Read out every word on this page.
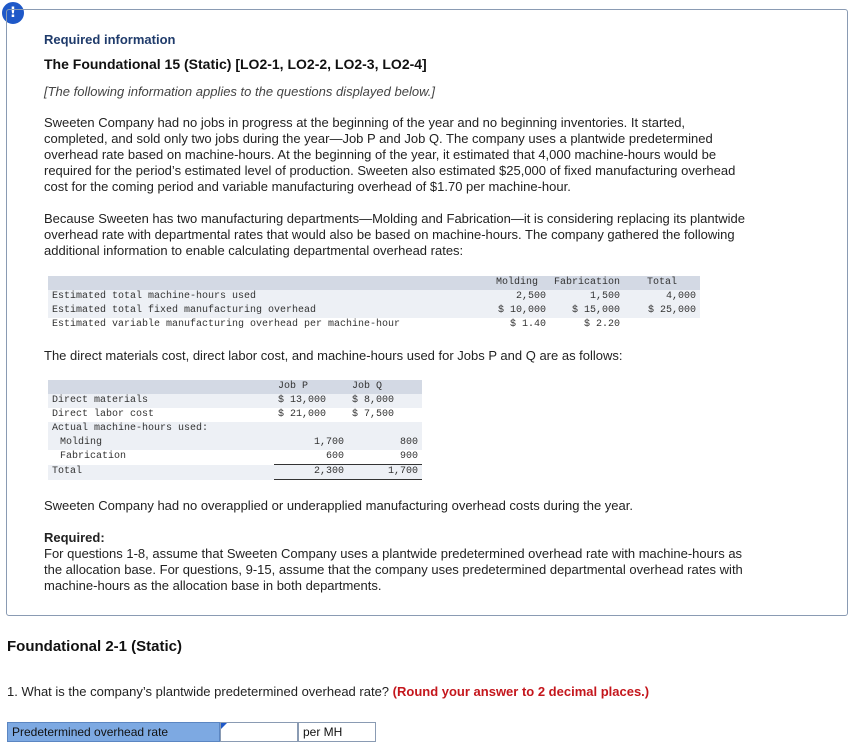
!

Required information

The Foundational 15 (Static) [LO2-1, LO2-2, LO2-3, LO2-4]

[The following information applies to the questions displayed below.]

Sweeten Company had no jobs in progress at the beginning of the year and no beginning inventories. It started,
completed, and sold only two jobs during the year—Job P and Job Q. The company uses a plantwide predetermined
overhead rate based on machine-hours. At the beginning of the year, it estimated that 4,000 machine-hours would be
required for the period’s estimated level of production. Sweeten also estimated $25,000 of fixed manufacturing overhead
cost for the coming period and variable manufacturing overhead of $1.70 per machine-hour.
Because Sweeten has two manufacturing departments—Molding and Fabrication—it is considering replacing its plantwide
overhead rate with departmental rates that would also be based on machine-hours. The company gathered the following
additional information to enable calculating departmental overhead rates:
	Molding	Fabrication	Total
Estimated total machine-hours used	2,500	1,500	4,000
Estimated total fixed manufacturing overhead	$ 10,000	$ 15,000	$ 25,000
Estimated variable manufacturing overhead per machine-hour	$ 1.40	$ 2.20	

The direct materials cost, direct labor cost, and machine-hours used for Jobs P and Q are as follows:

	Job P	Job Q
Direct materials	$ 13,000	$ 8,000
Direct labor cost	$ 21,000	$ 7,500
Actual machine-hours used:		
Molding	1,700	800
Fabrication	600	900
Total	2,300	1,700

Sweeten Company had no overapplied or underapplied manufacturing overhead costs during the year.

Required:
For questions 1-8, assume that Sweeten Company uses a plantwide predetermined overhead rate with machine-hours as
the allocation base. For questions, 9-15, assume that the company uses predetermined departmental overhead rates with
machine-hours as the allocation base in both departments.

Foundational 2-1 (Static)

1. What is the company’s plantwide predetermined overhead rate? (Round your answer to 2 decimal places.)

Predetermined overhead rate	per MH
